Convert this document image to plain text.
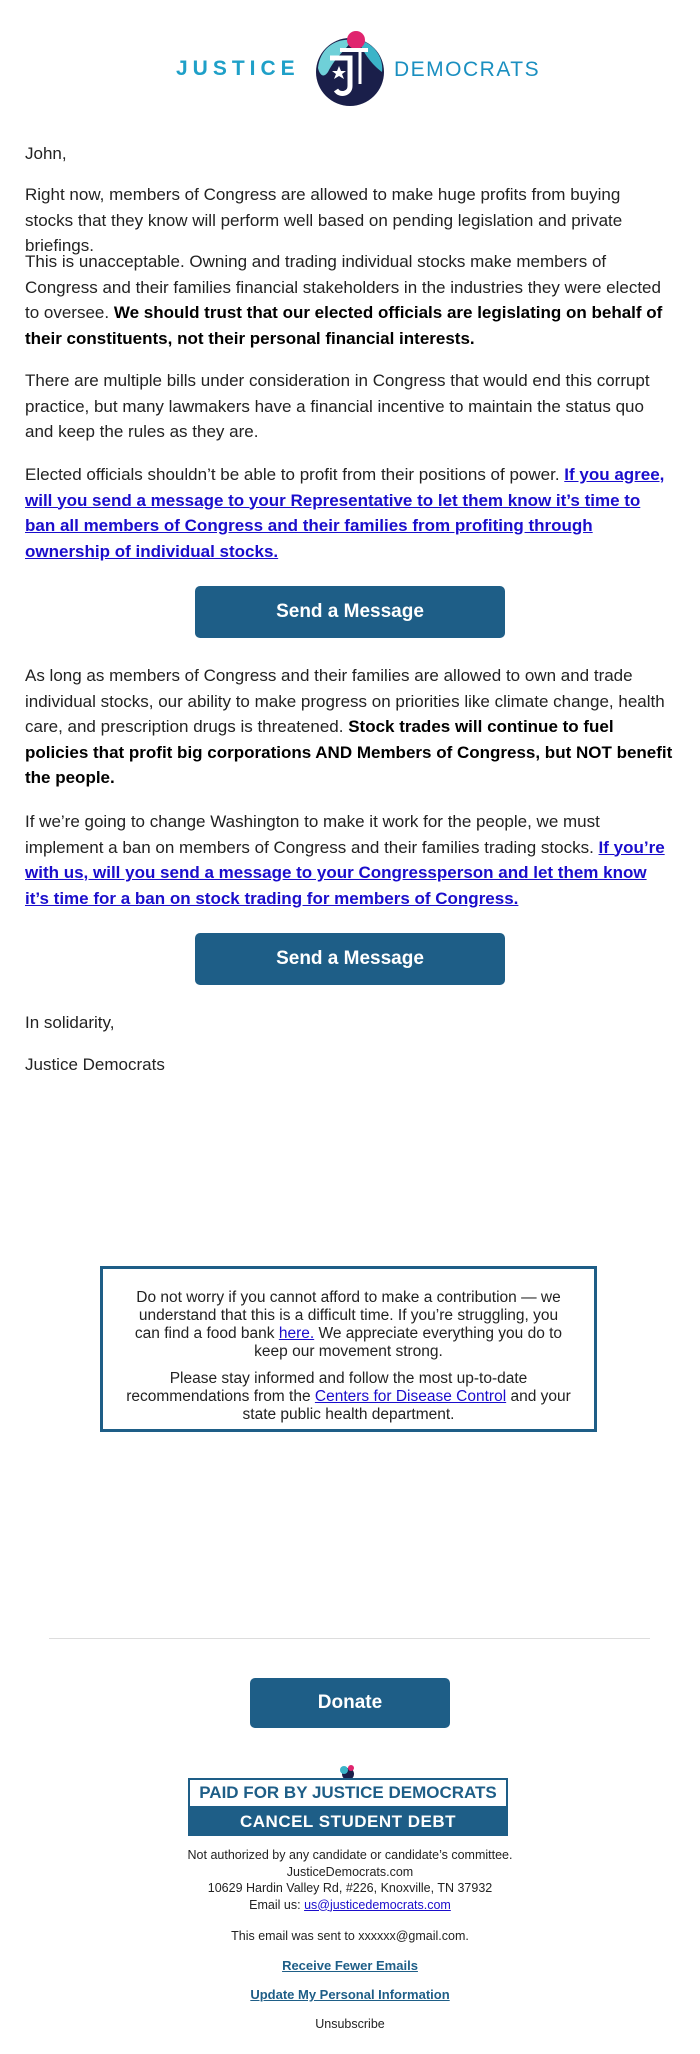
JUSTICE	DEMOCRATS

John,

Right now, members of Congress are allowed to make huge profits from buying stocks that they know will perform well based on pending legislation and private briefings.

This is unacceptable. Owning and trading individual stocks make members of Congress and their families financial stakeholders in the industries they were elected to oversee. We should trust that our elected officials are legislating on behalf of their constituents, not their personal financial interests.

There are multiple bills under consideration in Congress that would end this corrupt practice, but many lawmakers have a financial incentive to maintain the status quo and keep the rules as they are.

Elected officials shouldn’t be able to profit from their positions of power. If you agree, will you send a message to your Representative to let them know it’s time to ban all members of Congress and their families from profiting through ownership of individual stocks.

Send a Message

As long as members of Congress and their families are allowed to own and trade individual stocks, our ability to make progress on priorities like climate change, health care, and prescription drugs is threatened. Stock trades will continue to fuel policies that profit big corporations AND Members of Congress, but NOT benefit the people.

If we’re going to change Washington to make it work for the people, we must implement a ban on members of Congress and their families trading stocks. If you’re with us, will you send a message to your Congressperson and let them know it’s time for a ban on stock trading for members of Congress.

Send a Message

In solidarity,

Justice Democrats

Do not worry if you cannot afford to make a contribution — we understand that this is a difficult time. If you’re struggling, you can find a food bank here. We appreciate everything you do to keep our movement strong.

Please stay informed and follow the most up-to-date recommendations from the Centers for Disease Control and your state public health department.

Donate
PAID FOR BY JUSTICE DEMOCRATS
CANCEL STUDENT DEBT
Not authorized by any candidate or candidate’s committee.
JusticeDemocrats.com
10629 Hardin Valley Rd, #226, Knoxville, TN 37932
Email us: us@justicedemocrats.com
This email was sent to xxxxxx@gmail.com.
Receive Fewer Emails
Update My Personal Information
Unsubscribe
